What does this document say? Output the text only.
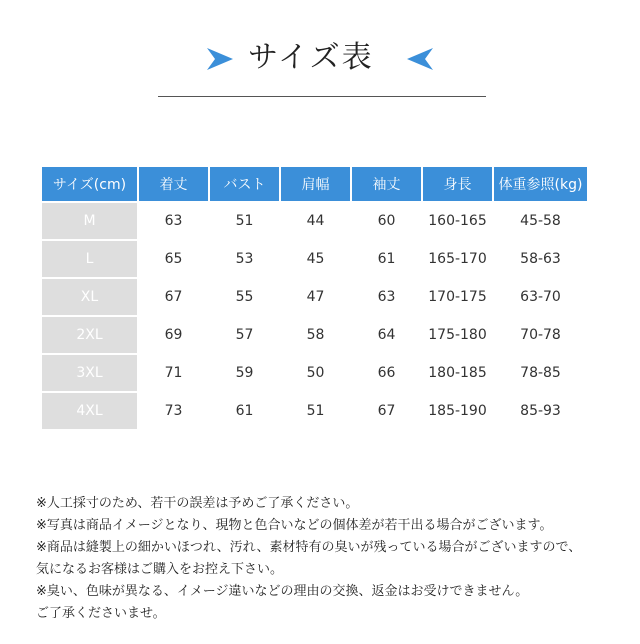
サイズ表
サイズ(cm)	着丈	バスト	肩幅	袖丈	身長	体重参照(kg)
M	63	51	44	60	160-165	45-58
L	65	53	45	61	165-170	58-63
XL	67	55	47	63	170-175	63-70
2XL	69	57	58	64	175-180	70-78
3XL	71	59	50	66	180-185	78-85
4XL	73	61	51	67	185-190	85-93
※人工採寸のため、若干の誤差は予めご了承ください。
※写真は商品イメージとなり、現物と色合いなどの個体差が若干出る場合がございます。
※商品は縫製上の細かいほつれ、汚れ、素材特有の臭いが残っている場合がございますので、
気になるお客様はご購入をお控え下さい。
※臭い、色味が異なる、イメージ違いなどの理由の交換、返金はお受けできません。
ご了承くださいませ。
